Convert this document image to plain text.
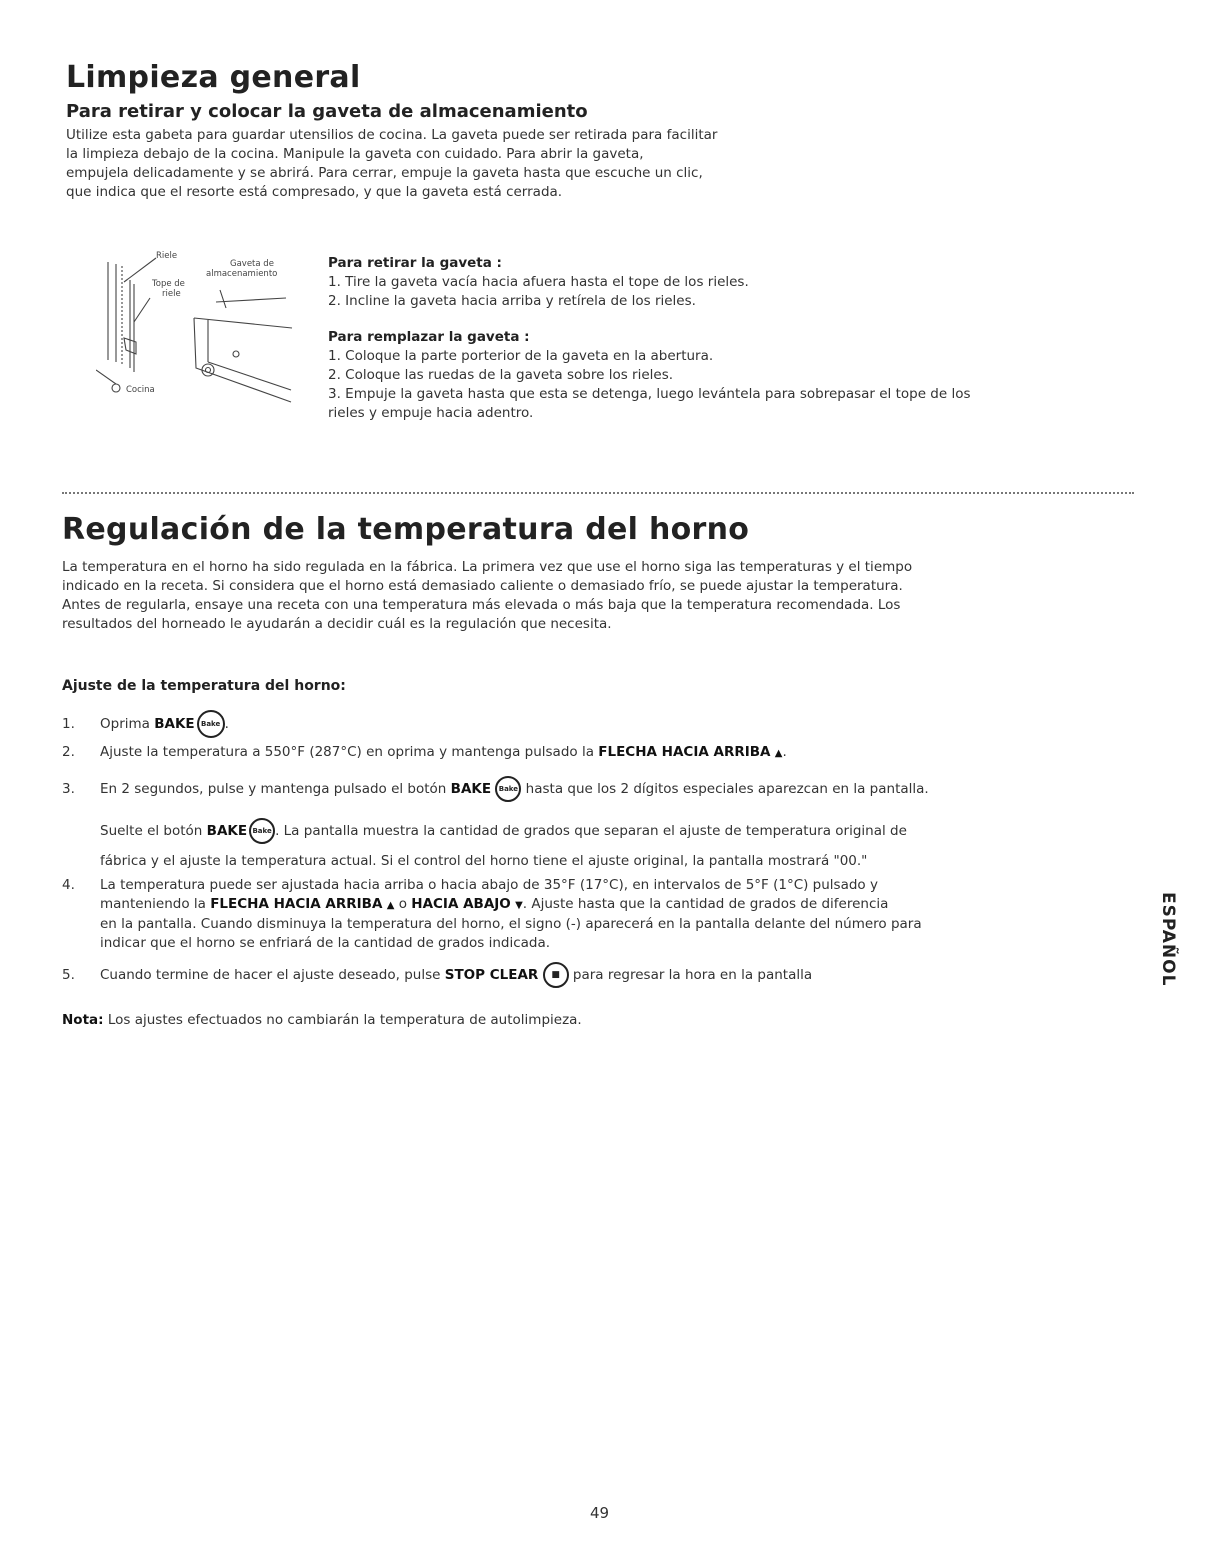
Limpieza general
Para retirar y colocar la gaveta de almacenamiento
Utilize esta gabeta para guardar utensilios de cocina. La gaveta puede ser retirada para facilitar
la limpieza debajo de la cocina. Manipule la gaveta con cuidado. Para abrir la gaveta,
empujela delicadamente y se abrirá. Para cerrar, empuje la gaveta hasta que escuche un clic,
que indica que el resorte está compresado, y que la gaveta está cerrada.
Riele
Tope de
riele
Gaveta de
almacenamiento
Cocina
Para retirar la gaveta :
1. Tire la gaveta vacía hacia afuera hasta el tope de los rieles.
2. Incline la gaveta hacia arriba y retírela de los rieles.
Para remplazar la gaveta :
1. Coloque la parte porterior de la gaveta en la abertura.
2. Coloque las ruedas de la gaveta sobre los rieles.
3. Empuje la gaveta hasta que esta se detenga, luego levántela para sobrepasar el tope de los
rieles y empuje hacia adentro.
Regulación de la temperatura del horno
La temperatura en el horno ha sido regulada en la fábrica. La primera vez que use el horno siga las temperaturas y el tiempo
indicado en la receta. Si considera que el horno está demasiado caliente o demasiado frío, se puede ajustar la temperatura.
Antes de regularla, ensaye una receta con una temperatura más elevada o más baja que la temperatura recomendada. Los
resultados del horneado le ayudarán a decidir cuál es la regulación que necesita.
Ajuste de la temperatura del horno:
1. Oprima BAKE Bake .
2. Ajuste la temperatura a 550°F (287°C) en oprima y mantenga pulsado la FLECHA HACIA ARRIBA ▲.
3. En 2 segundos, pulse y mantenga pulsado el botón BAKE Bake hasta que los 2 dígitos especiales aparezcan en la pantalla.
Suelte el botón BAKE Bake . La pantalla muestra la cantidad de grados que separan el ajuste de temperatura original de
fábrica y el ajuste la temperatura actual. Si el control del horno tiene el ajuste original, la pantalla mostrará "00."
4. La temperatura puede ser ajustada hacia arriba o hacia abajo de 35°F (17°C), en intervalos de 5°F (1°C) pulsado y
manteniendo la FLECHA HACIA ARRIBA ▲ o HACIA ABAJO ▼. Ajuste hasta que la cantidad de grados de diferencia
en la pantalla. Cuando disminuya la temperatura del horno, el signo (-) aparecerá en la pantalla delante del número para
indicar que el horno se enfriará de la cantidad de grados indicada.
5. Cuando termine de hacer el ajuste deseado, pulse STOP CLEAR ■ para regresar la hora en la pantalla
Nota: Los ajustes efectuados no cambiarán la temperatura de autolimpieza.
ESPAÑOL
49
